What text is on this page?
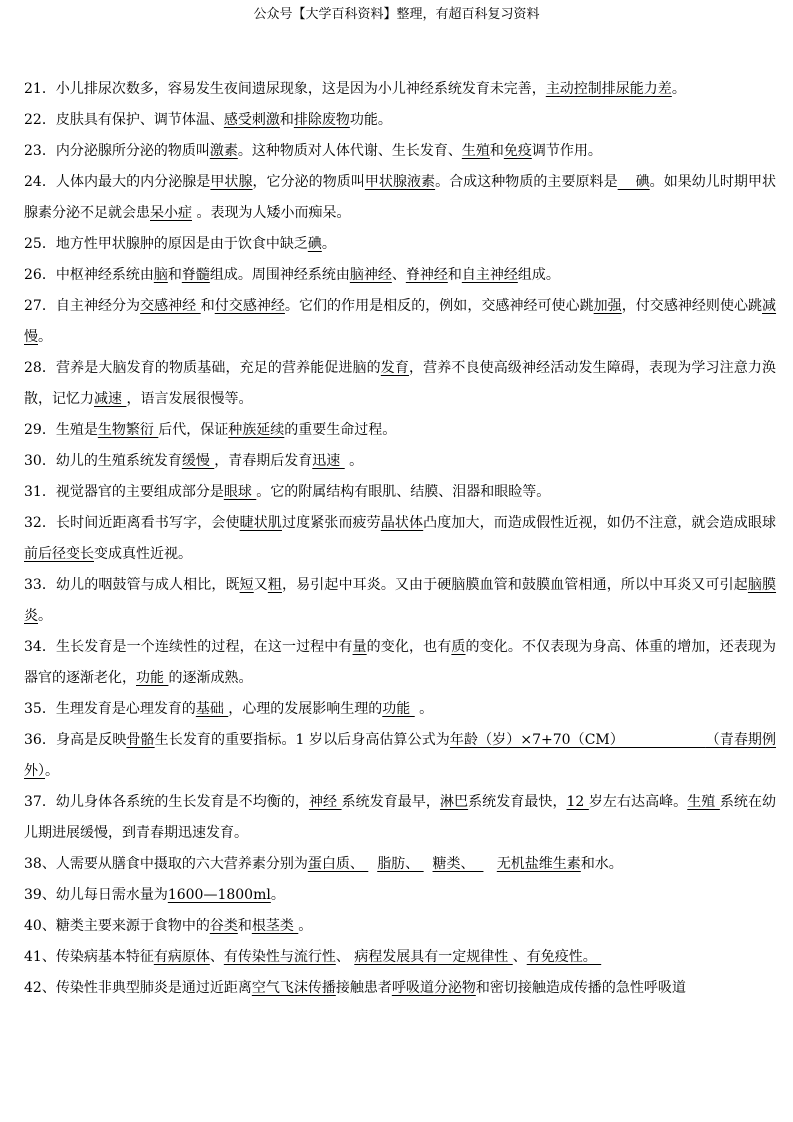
公众号【大学百科资料】整理，有超百科复习资料

21．小儿排尿次数多，容易发生夜间遗尿现象，这是因为小儿神经系统发育未完善，主动控制排尿能力差。

22．皮肤具有保护、调节体温、感受刺激和排除废物功能。

23．内分泌腺所分泌的物质叫激素。这种物质对人体代谢、生长发育、生殖和免疫调节作用。

24．人体内最大的内分泌腺是甲状腺，它分泌的物质叫甲状腺液素。合成这种物质的主要原料是    碘。如果幼儿时期甲状腺素分泌不足就会患呆小症 。表现为人矮小而痴呆。

25．地方性甲状腺肿的原因是由于饮食中缺乏碘。

26．中枢神经系统由脑和脊髓组成。周围神经系统由脑神经、脊神经和自主神经组成。

27．自主神经分为交感神经 和付交感神经。它们的作用是相反的，例如，交感神经可使心跳加强，付交感神经则使心跳减慢。

28．营养是大脑发育的物质基础，充足的营养能促进脑的发育，营养不良使高级神经活动发生障碍，表现为学习注意力涣散，记忆力减速 ，语言发展很慢等。

29．生殖是生物繁衍 后代，保证种族延续的重要生命过程。

30．幼儿的生殖系统发育缓慢 ，青春期后发育迅速  。

31．视觉器官的主要组成部分是眼球 。它的附属结构有眼肌、结膜、泪器和眼睑等。

32．长时间近距离看书写字，会使睫状肌过度紧张而疲劳晶状体凸度加大，而造成假性近视，如仍不注意，就会造成眼球前后径变长变成真性近视。

33．幼儿的咽鼓管与成人相比，既短又粗，易引起中耳炎。又由于硬脑膜血管和鼓膜血管相通，所以中耳炎又可引起脑膜炎。

34．生长发育是一个连续性的过程，在这一过程中有量的变化，也有质的变化。不仅表现为身高、体重的增加，还表现为器官的逐渐老化，功能 的逐渐成熟。

35．生理发育是心理发育的基础 ，心理的发展影响生理的功能  。

36．身高是反映骨骼生长发育的重要指标。1 岁以后身高估算公式为年龄（岁）×7+70（CM）                  （青春期例外）。

37．幼儿身体各系统的生长发育是不均衡的，神经 系统发育最早，淋巴系统发育最快，12 岁左右达高峰。生殖 系统在幼儿期进展缓慢，到青春期迅速发育。

38、人需要从膳食中摄取的六大营养素分别为蛋白质、   脂肪、   糖类、     无机盐维生素和水。

39、幼儿每日需水量为1600—1800ml。

40、糖类主要来源于食物中的谷类和根茎类 。

41、传染病基本特征有病原体、有传染性与流行性、 病程发展具有一定规律性 、有免疫性。

42、传染性非典型肺炎是通过近距离空气飞沫传播接触患者呼吸道分泌物和密切接触造成传播的急性呼吸道
